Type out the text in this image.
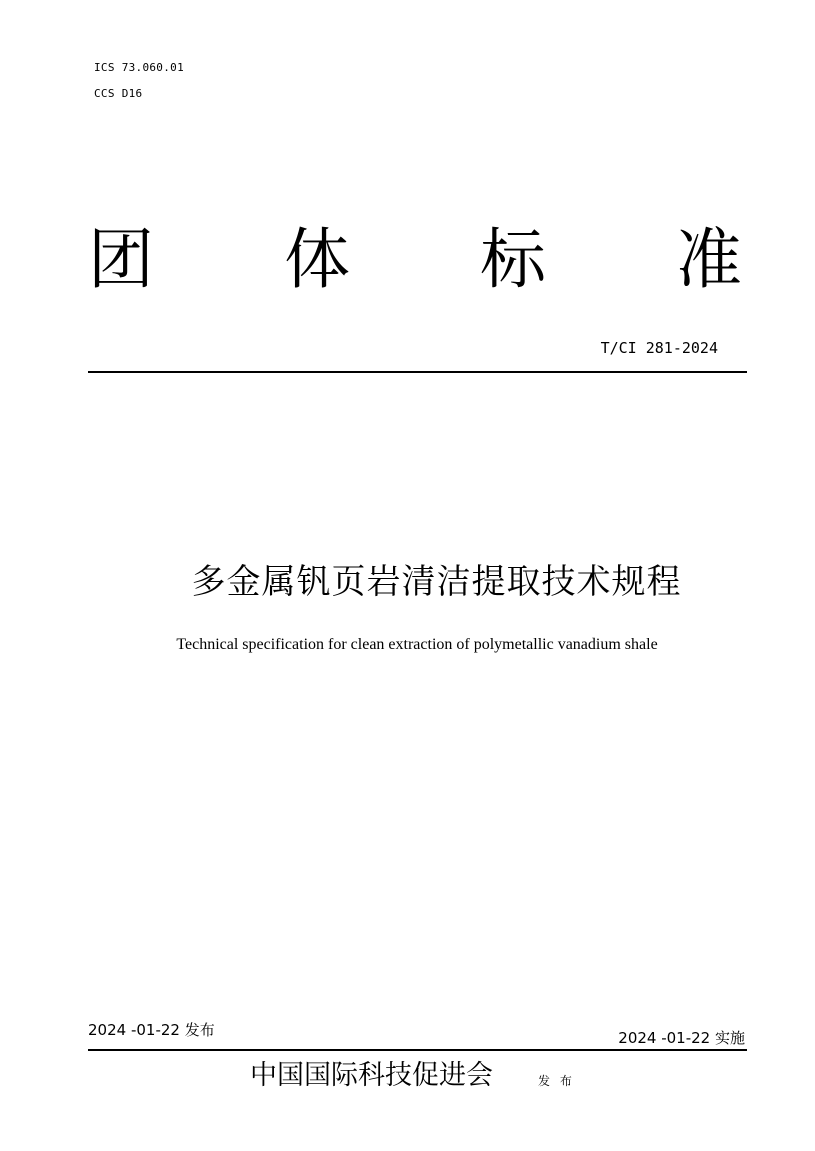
ICS 73.060.01
CCS D16
团 体 标 准
T/CI 281-2024
多金属钒页岩清洁提取技术规程
Technical specification for clean extraction of polymetallic vanadium shale
2024 -01-22 发布	2024 -01-22 实施
中国国际科技促进会	发 布
